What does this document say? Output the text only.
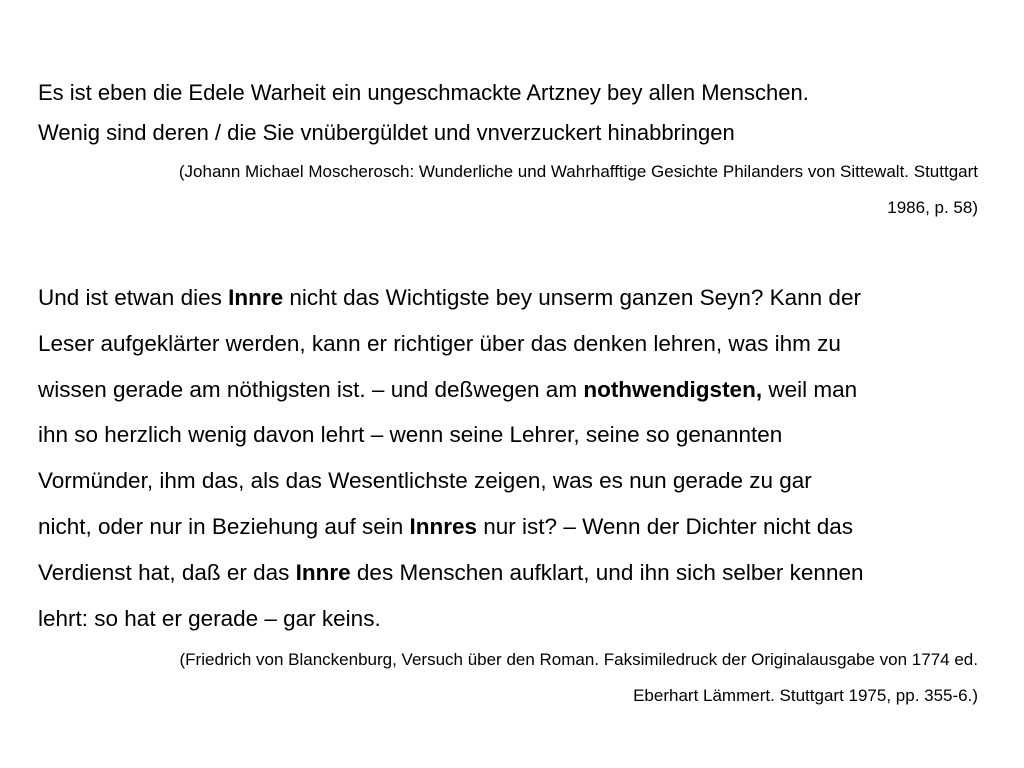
Es ist eben die Edele Warheit ein ungeschmackte Artzney bey allen Menschen.
Wenig sind deren / die Sie vnübergüldet und vnverzuckert hinabbringen

(Johann Michael Moscherosch: Wunderliche und Wahrhafftige Gesichte Philanders von Sittewalt. Stuttgart
1986, p. 58)

Und ist etwan dies Innre nicht das Wichtigste bey unserm ganzen Seyn? Kann der
Leser aufgeklärter werden, kann er richtiger über das denken lehren, was ihm zu
wissen gerade am nöthigsten ist. – und deßwegen am nothwendigsten, weil man
ihn so herzlich wenig davon lehrt – wenn seine Lehrer, seine so genannten
Vormünder, ihm das, als das Wesentlichste zeigen, was es nun gerade zu gar
nicht, oder nur in Beziehung auf sein Innres nur ist? – Wenn der Dichter nicht das
Verdienst hat, daß er das Innre des Menschen aufklart, und ihn sich selber kennen
lehrt: so hat er gerade – gar keins.

(Friedrich von Blanckenburg, Versuch über den Roman. Faksimiledruck der Originalausgabe von 1774 ed.
Eberhart Lämmert. Stuttgart 1975, pp. 355-6.)
